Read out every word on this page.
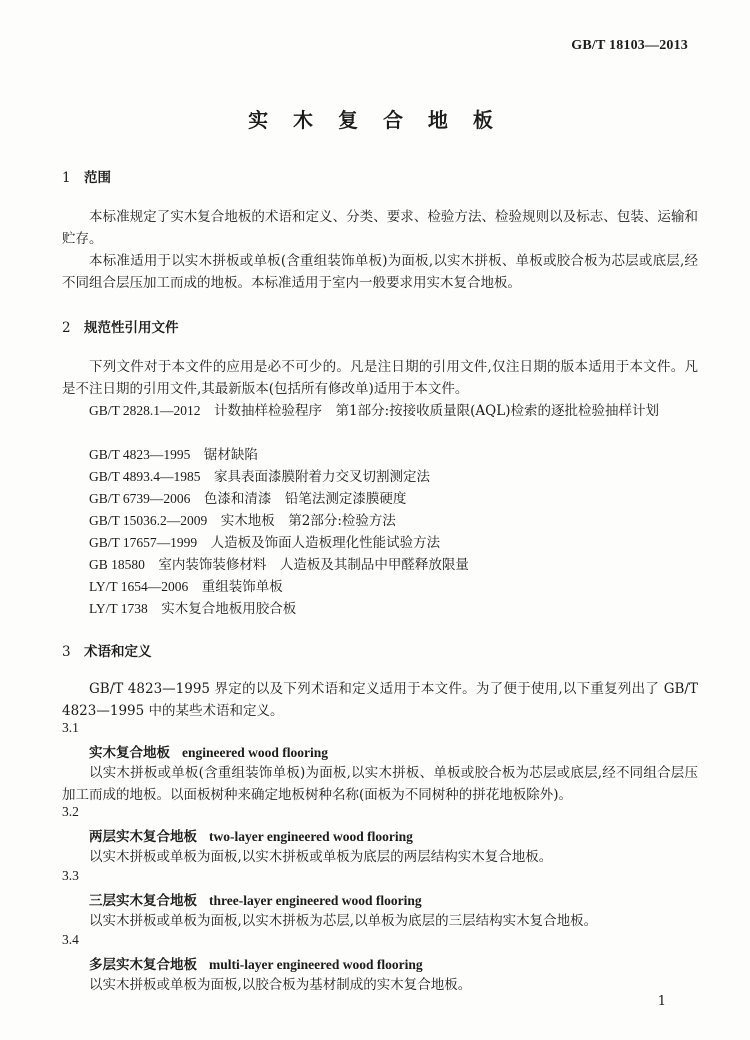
GB/T 18103—2013
实 木 复 合 地 板
1 范围
本标准规定了实木复合地板的术语和定义、分类、要求、检验方法、检验规则以及标志、包装、运输和贮存。
本标准适用于以实木拼板或单板(含重组装饰单板)为面板,以实木拼板、单板或胶合板为芯层或底层,经不同组合层压加工而成的地板。本标准适用于室内一般要求用实木复合地板。
2 规范性引用文件
下列文件对于本文件的应用是必不可少的。凡是注日期的引用文件,仅注日期的版本适用于本文件。凡是不注日期的引用文件,其最新版本(包括所有修改单)适用于本文件。
GB/T 2828.1—2012　 计数抽样检验程序　第1部分:按接收质量限(AQL)检索的逐批检验抽样计划
GB/T 4823—1995　 锯材缺陷
GB/T 4893.4—1985　 家具表面漆膜附着力交叉切割测定法
GB/T 6739—2006　 色漆和清漆　铅笔法测定漆膜硬度
GB/T 15036.2—2009　 实木地板　第2部分:检验方法
GB/T 17657—1999　 人造板及饰面人造板理化性能试验方法
GB 18580　 室内装饰装修材料　人造板及其制品中甲醛释放限量
LY/T 1654—2006　 重组装饰单板
LY/T 1738　 实木复合地板用胶合板
3 术语和定义
GB/T 4823—1995 界定的以及下列术语和定义适用于本文件。为了便于使用,以下重复列出了 GB/T 4823—1995 中的某些术语和定义。
3.1
实木复合地板 engineered wood flooring
以实木拼板或单板(含重组装饰单板)为面板,以实木拼板、单板或胶合板为芯层或底层,经不同组合层压加工而成的地板。以面板树种来确定地板树种名称(面板为不同树种的拼花地板除外)。
3.2
两层实木复合地板 two-layer engineered wood flooring
以实木拼板或单板为面板,以实木拼板或单板为底层的两层结构实木复合地板。
3.3
三层实木复合地板 three-layer engineered wood flooring
以实木拼板或单板为面板,以实木拼板为芯层,以单板为底层的三层结构实木复合地板。
3.4
多层实木复合地板 multi-layer engineered wood flooring
以实木拼板或单板为面板,以胶合板为基材制成的实木复合地板。
1
